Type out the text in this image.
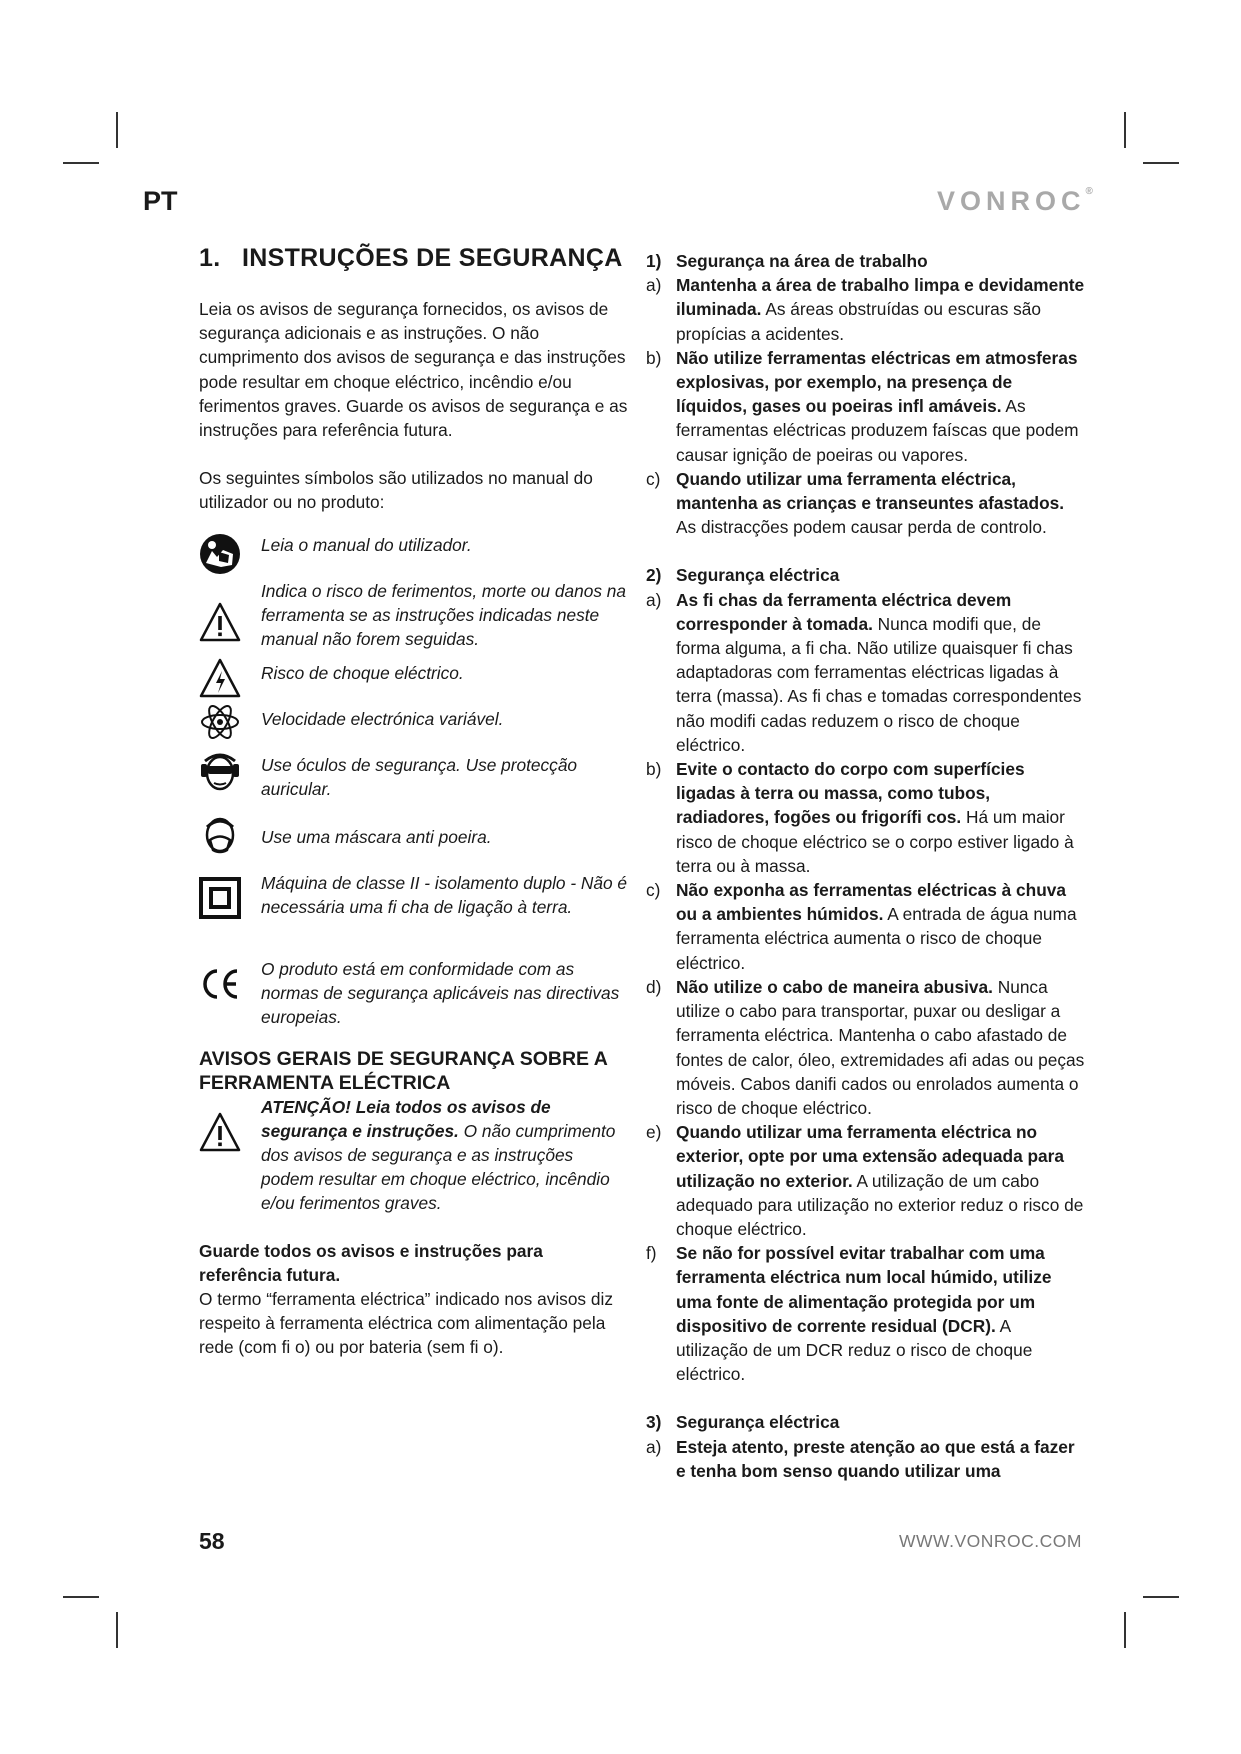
PT	VONROC®
1. INSTRUÇÕES DE SEGURANÇA

Leia os avisos de segurança fornecidos, os avisos de segurança adicionais e as instruções. O não cumprimento dos avisos de segurança e das instruções pode resultar em choque eléctrico, incêndio e/ou ferimentos graves. Guarde os avisos de segurança e as instruções para referência futura.

Os seguintes símbolos são utilizados no manual do utilizador ou no produto:

Leia o manual do utilizador.
Indica o risco de ferimentos, morte ou danos na ferramenta se as instruções indicadas neste manual não forem seguidas.
Risco de choque eléctrico.
Velocidade electrónica variável.
Use óculos de segurança. Use protecção auricular.
Use uma máscara anti poeira.
Máquina de classe II - isolamento duplo - Não é necessária uma fi cha de ligação à terra.
O produto está em conformidade com as normas de segurança aplicáveis nas directivas europeias.
AVISOS GERAIS DE SEGURANÇA SOBRE A FERRAMENTA ELÉCTRICA
ATENÇÃO! Leia todos os avisos de segurança e instruções. O não cumprimento dos avisos de segurança e as instruções podem resultar em choque eléctrico, incêndio e/ou ferimentos graves.

Guarde todos os avisos e instruções para referência futura.

O termo “ferramenta eléctrica” indicado nos avisos diz respeito à ferramenta eléctrica com alimentação pela rede (com fi o) ou por bateria (sem fi o).

1) Segurança na área de trabalho
a) Mantenha a área de trabalho limpa e devidamente iluminada. As áreas obstruídas ou escuras são propícias a acidentes.
b) Não utilize ferramentas eléctricas em atmosferas explosivas, por exemplo, na presença de líquidos, gases ou poeiras infl amáveis. As ferramentas eléctricas produzem faíscas que podem causar ignição de poeiras ou vapores.
c) Quando utilizar uma ferramenta eléctrica, mantenha as crianças e transeuntes afastados. As distracções podem causar perda de controlo.
2) Segurança eléctrica
a) As fi chas da ferramenta eléctrica devem corresponder à tomada. Nunca modifi que, de forma alguma, a fi cha. Não utilize quaisquer fi chas adaptadoras com ferramentas eléctricas ligadas à terra (massa). As fi chas e tomadas correspondentes não modifi cadas reduzem o risco de choque eléctrico.
b) Evite o contacto do corpo com superfícies ligadas à terra ou massa, como tubos, radiadores, fogões ou frigorífi cos. Há um maior risco de choque eléctrico se o corpo estiver ligado à terra ou à massa.
c) Não exponha as ferramentas eléctricas à chuva ou a ambientes húmidos. A entrada de água numa ferramenta eléctrica aumenta o risco de choque eléctrico.
d) Não utilize o cabo de maneira abusiva. Nunca utilize o cabo para transportar, puxar ou desligar a ferramenta eléctrica. Mantenha o cabo afastado de fontes de calor, óleo, extremidades afi adas ou peças móveis. Cabos danifi cados ou enrolados aumenta o risco de choque eléctrico.
e) Quando utilizar uma ferramenta eléctrica no exterior, opte por uma extensão adequada para utilização no exterior. A utilização de um cabo adequado para utilização no exterior reduz o risco de choque eléctrico.
f) Se não for possível evitar trabalhar com uma ferramenta eléctrica num local húmido, utilize uma fonte de alimentação protegida por um dispositivo de corrente residual (DCR). A utilização de um DCR reduz o risco de choque eléctrico.
3) Segurança eléctrica
a) Esteja atento, preste atenção ao que está a fazer e tenha bom senso quando utilizar uma
58	WWW.VONROC.COM
